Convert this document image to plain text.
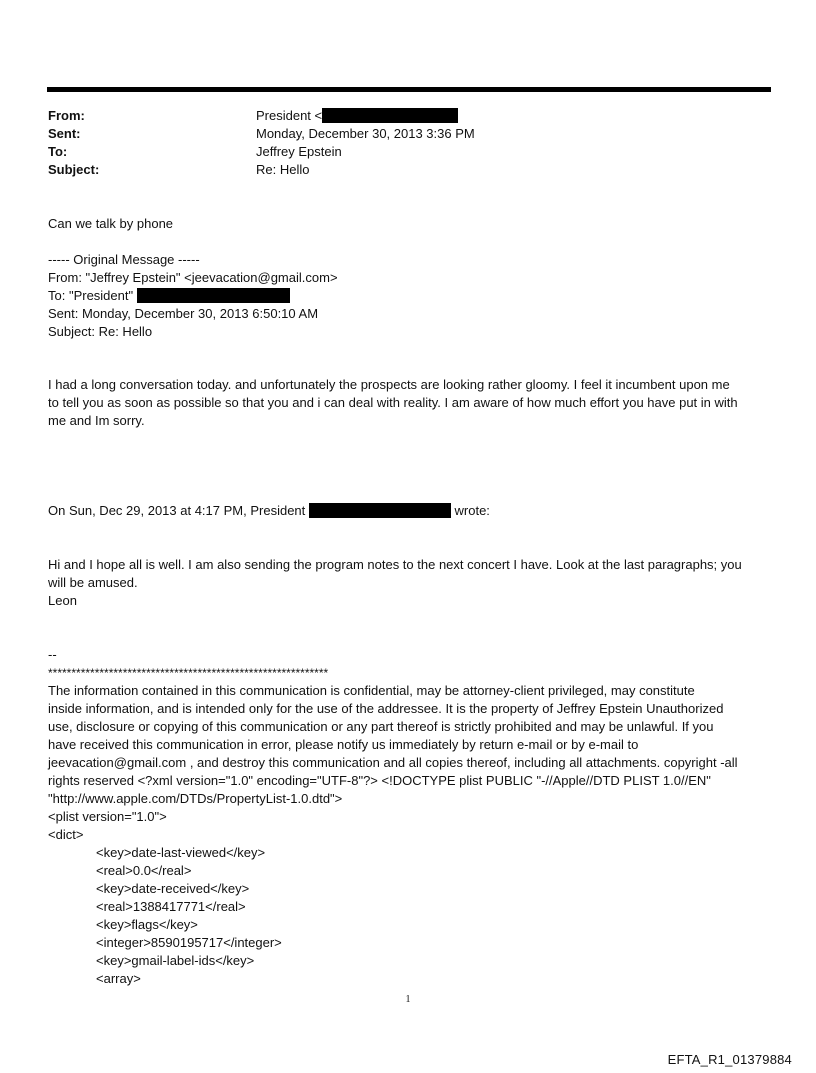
From:	President <
Sent:	Monday, December 30, 2013 3:36 PM
To:	Jeffrey Epstein
Subject:	Re: Hello

Can we talk by phone

----- Original Message -----

From: "Jeffrey Epstein" <jeevacation@gmail.com>

To: "President"

Sent: Monday, December 30, 2013 6:50:10 AM

Subject: Re: Hello

I had a long conversation today. and unfortunately the prospects are looking rather gloomy. I feel it incumbent upon me

to tell you as soon as possible so that you and i can deal with reality. I am aware of how much effort you have put in with

me and Im sorry.

On Sun, Dec 29, 2013 at 4:17 PM, President	wrote:

Hi and I hope all is well. I am also sending the program notes to the next concert I have. Look at the last paragraphs; you

will be amused.

Leon

--

************************************************************

The information contained in this communication is confidential, may be attorney-client privileged, may constitute

inside information, and is intended only for the use of the addressee. It is the property of Jeffrey Epstein Unauthorized

use, disclosure or copying of this communication or any part thereof is strictly prohibited and may be unlawful. If you

have received this communication in error, please notify us immediately by return e-mail or by e-mail to

jeevacation@gmail.com , and destroy this communication and all copies thereof, including all attachments. copyright -all

rights reserved <?xml version="1.0" encoding="UTF-8"?> <!DOCTYPE plist PUBLIC "-//Apple//DTD PLIST 1.0//EN"

"http://www.apple.com/DTDs/PropertyList-1.0.dtd">

<plist version="1.0">

<dict>

<key>date-last-viewed</key>

<real>0.0</real>

<key>date-received</key>

<real>1388417771</real>

<key>flags</key>

<integer>8590195717</integer>

<key>gmail-label-ids</key>

<array>

1
EFTA_R1_01379884
